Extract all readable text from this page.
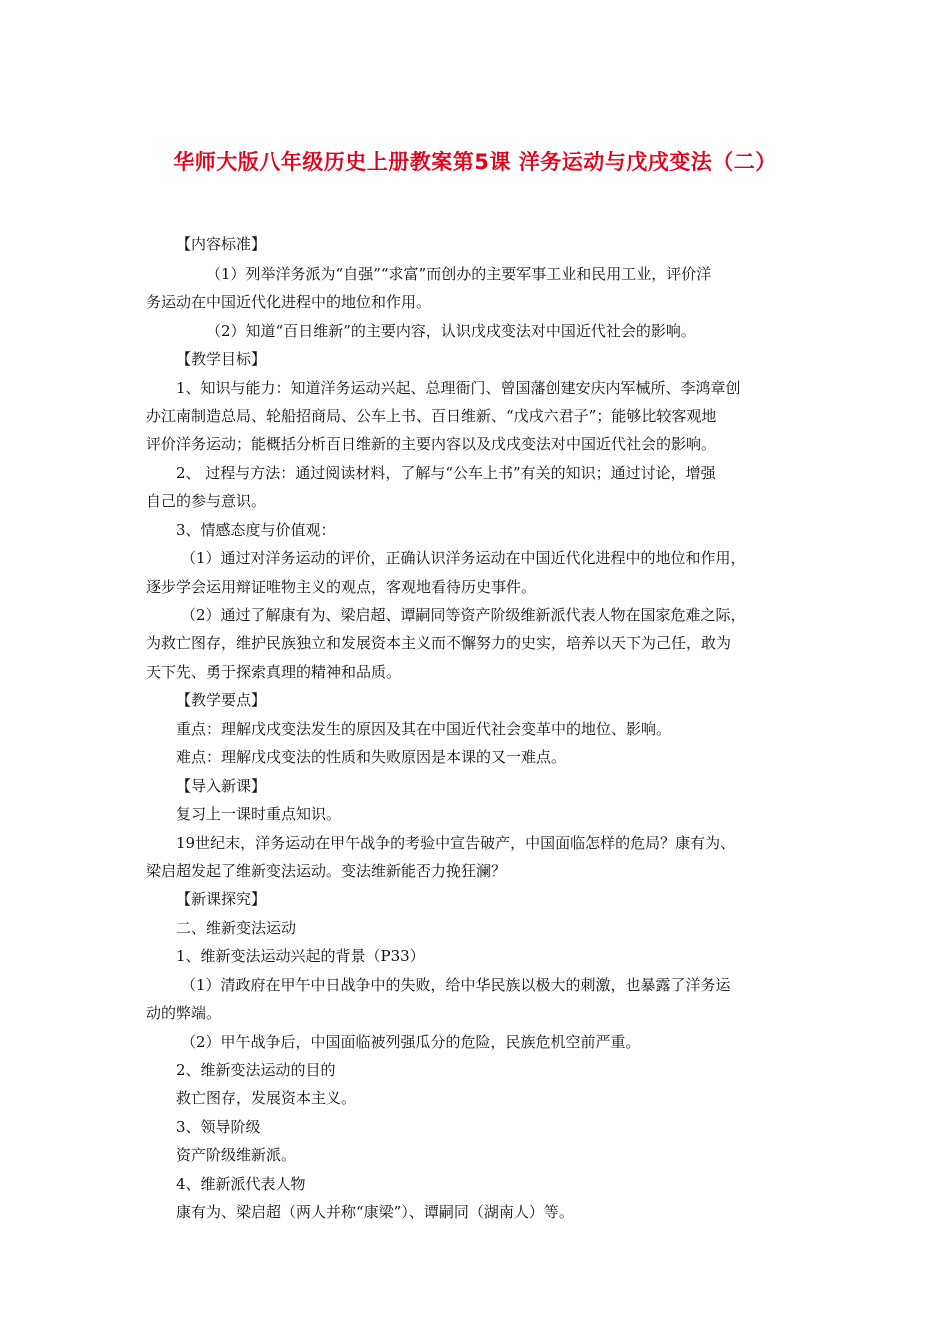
华师大版八年级历史上册教案第5课 洋务运动与戊戌变法（二）
【内容标准】
（1）列举洋务派为“自强”“求富”而创办的主要军事工业和民用工业，评价洋
务运动在中国近代化进程中的地位和作用。
（2）知道“百日维新”的主要内容，认识戊戌变法对中国近代社会的影响。
【教学目标】
1、知识与能力：知道洋务运动兴起、总理衙门、曾国藩创建安庆内军械所、李鸿章创
办江南制造总局、轮船招商局、公车上书、百日维新、“戊戌六君子”；能够比较客观地
评价洋务运动；能概括分析百日维新的主要内容以及戊戌变法对中国近代社会的影响。
2、 过程与方法：通过阅读材料，了解与“公车上书”有关的知识；通过讨论，增强
自己的参与意识。
3、情感态度与价值观：
（1）通过对洋务运动的评价，正确认识洋务运动在中国近代化进程中的地位和作用，
逐步学会运用辩证唯物主义的观点，客观地看待历史事件。
（2）通过了解康有为、梁启超、谭嗣同等资产阶级维新派代表人物在国家危难之际，
为救亡图存，维护民族独立和发展资本主义而不懈努力的史实，培养以天下为己任，敢为
天下先、勇于探索真理的精神和品质。
【教学要点】
重点：理解戊戌变法发生的原因及其在中国近代社会变革中的地位、影响。
难点：理解戊戌变法的性质和失败原因是本课的又一难点。
【导入新课】
复习上一课时重点知识。
19世纪末，洋务运动在甲午战争的考验中宣告破产，中国面临怎样的危局？康有为、
梁启超发起了维新变法运动。变法维新能否力挽狂澜？
【新课探究】
二、维新变法运动
1、维新变法运动兴起的背景（P33）
（1）清政府在甲午中日战争中的失败，给中华民族以极大的刺激，也暴露了洋务运
动的弊端。
（2）甲午战争后，中国面临被列强瓜分的危险，民族危机空前严重。
2、维新变法运动的目的
救亡图存，发展资本主义。
3、领导阶级
资产阶级维新派。
4、维新派代表人物
康有为、梁启超（两人并称“康梁”）、谭嗣同（湖南人）等。
